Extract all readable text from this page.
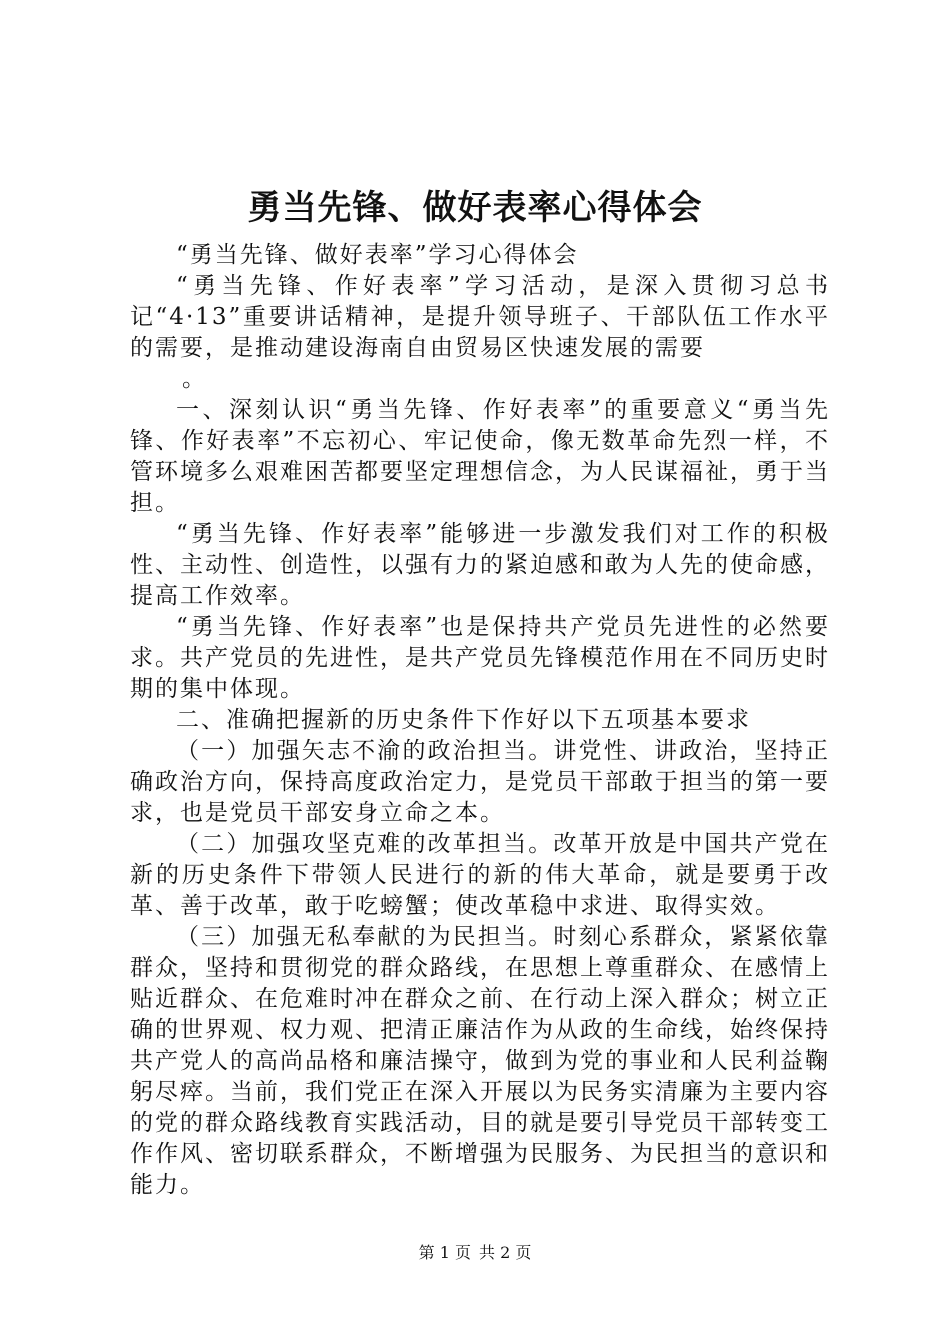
勇当先锋、做好表率心得体会

“勇当先锋、做好表率”学习心得体会

“勇当先锋、作好表率”学习活动，是深入贯彻习总书记“4·13”重要讲话精神，是提升领导班子、干部队伍工作水平的需要，是推动建设海南自由贸易区快速发展的需要

。

一、深刻认识“勇当先锋、作好表率”的重要意义“勇当先锋、作好表率”不忘初心、牢记使命，像无数革命先烈一样，不管环境多么艰难困苦都要坚定理想信念，为人民谋福祉，勇于当担。

“勇当先锋、作好表率”能够进一步激发我们对工作的积极性、主动性、创造性，以强有力的紧迫感和敢为人先的使命感，提高工作效率。

“勇当先锋、作好表率”也是保持共产党员先进性的必然要求。共产党员的先进性，是共产党员先锋模范作用在不同历史时期的集中体现。

二、准确把握新的历史条件下作好以下五项基本要求

（一）加强矢志不渝的政治担当。讲党性、讲政治，坚持正确政治方向，保持高度政治定力，是党员干部敢于担当的第一要求，也是党员干部安身立命之本。

（二）加强攻坚克难的改革担当。改革开放是中国共产党在新的历史条件下带领人民进行的新的伟大革命，就是要勇于改革、善于改革，敢于吃螃蟹；使改革稳中求进、取得实效。

（三）加强无私奉献的为民担当。时刻心系群众，紧紧依靠群众，坚持和贯彻党的群众路线，在思想上尊重群众、在感情上贴近群众、在危难时冲在群众之前、在行动上深入群众；树立正确的世界观、权力观、把清正廉洁作为从政的生命线，始终保持共产党人的高尚品格和廉洁操守，做到为党的事业和人民利益鞠躬尽瘁。当前，我们党正在深入开展以为民务实清廉为主要内容的党的群众路线教育实践活动，目的就是要引导党员干部转变工作作风、密切联系群众，不断增强为民服务、为民担当的意识和能力。

第 1 页 共 2 页
